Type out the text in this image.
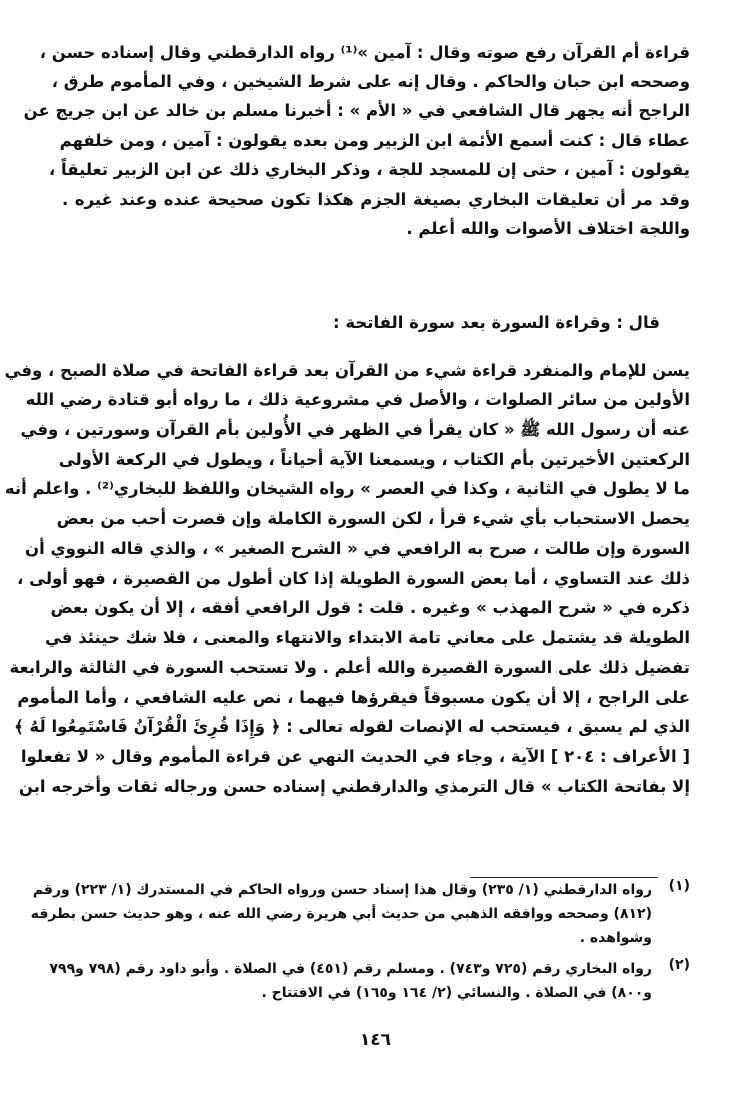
قراءة أم القرآن رفع صوته وقال : آمين »⁽¹⁾ رواه الدارقطني وقال إسناده حسن ،
وصححه ابن حبان والحاكم . وقال إنه على شرط الشيخين ، وفي المأموم طرق ،
الراجح أنه يجهر قال الشافعي في « الأم » : أخبرنا مسلم بن خالد عن ابن جريج عن
عطاء قال : كنت أسمع الأئمة ابن الزبير ومن بعده يقولون : آمين ، ومن خلفهم
يقولون : آمين ، حتى إن للمسجد للجة ، وذكر البخاري ذلك عن ابن الزبير تعليقاً ،
وقد مر أن تعليقات البخاري بصيغة الجزم هكذا تكون صحيحة عنده وعند غيره .
واللجة اختلاف الأصوات والله أعلم .
قال : وقراءة السورة بعد سورة الفاتحة :
يسن للإمام والمنفرد قراءة شيء من القرآن بعد قراءة الفاتحة في صلاة الصبح ، وفي
الأولين من سائر الصلوات ، والأصل في مشروعية ذلك ، ما رواه أبو قتادة رضي الله
عنه أن رسول الله ﷺ « كان يقرأ في الظهر في الأُولين بأم القرآن وسورتين ، وفي
الركعتين الأخيرتين بأم الكتاب ، ويسمعنا الآية أحياناً ، ويطول في الركعة الأولى
ما لا يطول في الثانية ، وكذا في العصر » رواه الشيخان واللفظ للبخاري⁽²⁾ . واعلم أنه
يحصل الاستحباب بأي شيء قرأ ، لكن السورة الكاملة وإن قصرت أحب من بعض
السورة وإن طالت ، صرح به الرافعي في « الشرح الصغير » ، والذي قاله النووي أن
ذلك عند التساوي ، أما بعض السورة الطويلة إذا كان أطول من القصيرة ، فهو أولى ،
ذكره في « شرح المهذب » وغيره . قلت : قول الرافعي أفقه ، إلا أن يكون بعض
الطويلة قد يشتمل على معاني تامة الابتداء والانتهاء والمعنى ، فلا شك حينئذ في
تفضيل ذلك على السورة القصيرة والله أعلم . ولا تستحب السورة في الثالثة والرابعة
على الراجح ، إلا أن يكون مسبوقاً فيقرؤها فيهما ، نص عليه الشافعي ، وأما المأموم
الذي لم يسبق ، فيستحب له الإنصات لقوله تعالى : ﴿ وَإِذَا قُرِئَ الْقُرْآنُ فَاسْتَمِعُوا لَهُ ﴾
[ الأعراف : ٢٠٤ ] الآية ، وجاء في الحديث النهي عن قراءة المأموم وقال « لا تفعلوا
إلا بفاتحة الكتاب » قال الترمذي والدارقطني إسناده حسن ورجاله ثقات وأخرجه ابن
(١)
رواه الدارقطني (١/ ٢٣٥) وقال هذا إسناد حسن ورواه الحاكم في المستدرك (١/ ٢٢٣) ورقم
(٨١٢) وصححه ووافقه الذهبي من حديث أبي هريرة رضي الله عنه ، وهو حديث حسن بطرقه
وشواهده .
(٢)
رواه البخاري رقم (٧٢٥ و٧٤٣) . ومسلم رقم (٤٥١) في الصلاة . وأبو داود رقم (٧٩٨ و٧٩٩
و٨٠٠) في الصلاة . والنسائي (٢/ ١٦٤ و١٦٥) في الافتتاح .
١٤٦
